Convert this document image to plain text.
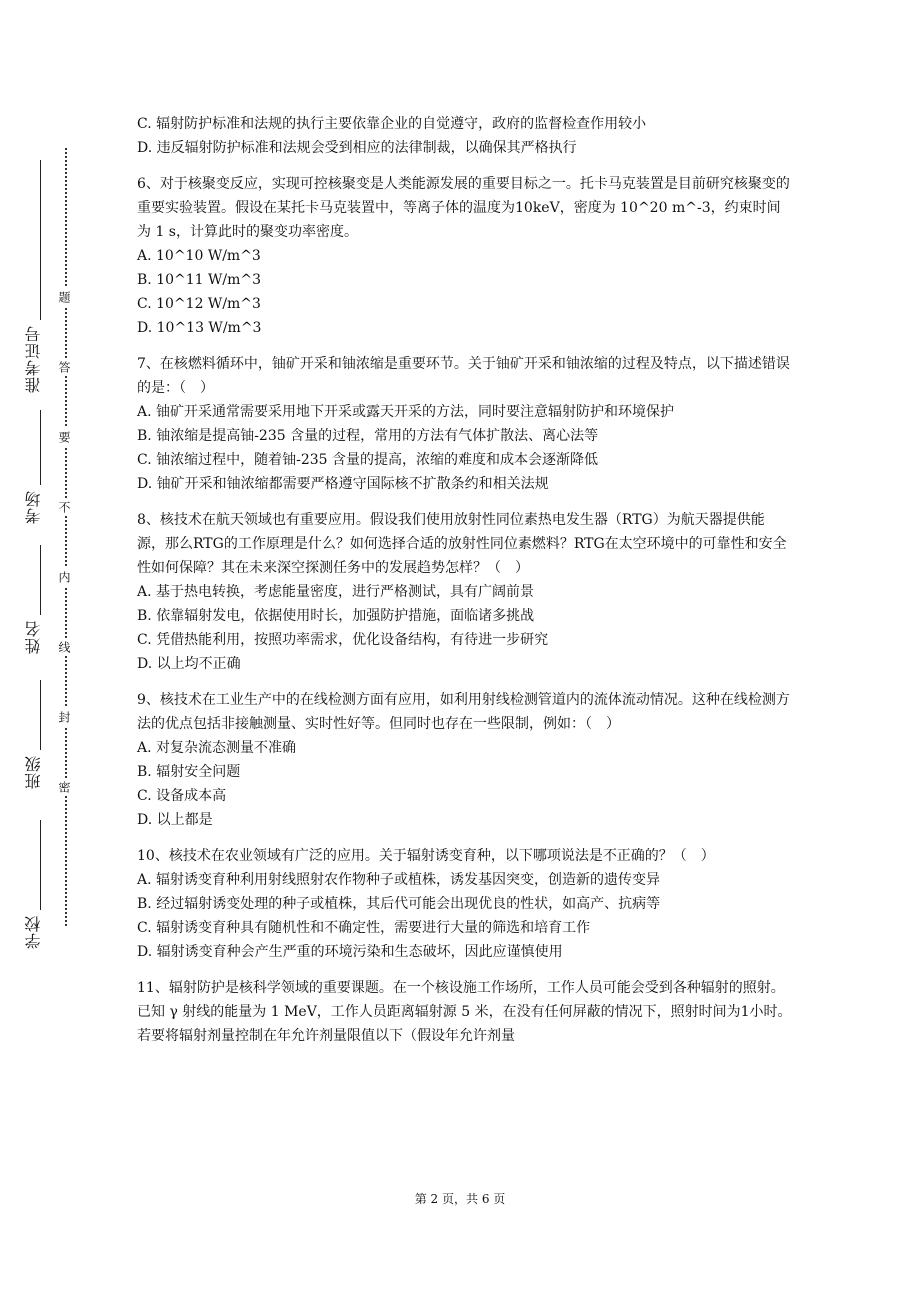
题
答
要
不
内
线
封
密
准考证号
考场
姓名
班级
学校

C. 辐射防护标准和法规的执行主要依靠企业的自觉遵守，政府的监督检查作用较小

D. 违反辐射防护标准和法规会受到相应的法律制裁，以确保其严格执行

6、对于核聚变反应，实现可控核聚变是人类能源发展的重要目标之一。托卡马克装置是目前研究核聚变的重要实验装置。假设在某托卡马克装置中，等离子体的温度为10keV，密度为 10^20 m^-3，约束时间为 1 s，计算此时的聚变功率密度。

A. 10^10 W/m^3

B. 10^11 W/m^3

C. 10^12 W/m^3

D. 10^13 W/m^3

7、在核燃料循环中，铀矿开采和铀浓缩是重要环节。关于铀矿开采和铀浓缩的过程及特点，以下描述错误的是：（　）

A. 铀矿开采通常需要采用地下开采或露天开采的方法，同时要注意辐射防护和环境保护

B. 铀浓缩是提高铀-235 含量的过程，常用的方法有气体扩散法、离心法等

C. 铀浓缩过程中，随着铀-235 含量的提高，浓缩的难度和成本会逐渐降低

D. 铀矿开采和铀浓缩都需要严格遵守国际核不扩散条约和相关法规

8、核技术在航天领域也有重要应用。假设我们使用放射性同位素热电发生器（RTG）为航天器提供能源，那么RTG的工作原理是什么？如何选择合适的放射性同位素燃料？RTG在太空环境中的可靠性和安全性如何保障？其在未来深空探测任务中的发展趋势怎样？（　）

A. 基于热电转换，考虑能量密度，进行严格测试，具有广阔前景

B. 依靠辐射发电，依据使用时长，加强防护措施，面临诸多挑战

C. 凭借热能利用，按照功率需求，优化设备结构，有待进一步研究

D. 以上均不正确

9、核技术在工业生产中的在线检测方面有应用，如利用射线检测管道内的流体流动情况。这种在线检测方法的优点包括非接触测量、实时性好等。但同时也存在一些限制，例如：（　）

A. 对复杂流态测量不准确

B. 辐射安全问题

C. 设备成本高

D. 以上都是

10、核技术在农业领域有广泛的应用。关于辐射诱变育种，以下哪项说法是不正确的？（　）

A. 辐射诱变育种利用射线照射农作物种子或植株，诱发基因突变，创造新的遗传变异

B. 经过辐射诱变处理的种子或植株，其后代可能会出现优良的性状，如高产、抗病等

C. 辐射诱变育种具有随机性和不确定性，需要进行大量的筛选和培育工作

D. 辐射诱变育种会产生严重的环境污染和生态破坏，因此应谨慎使用

11、辐射防护是核科学领域的重要课题。在一个核设施工作场所，工作人员可能会受到各种辐射的照射。已知 γ 射线的能量为 1 MeV，工作人员距离辐射源 5 米，在没有任何屏蔽的情况下，照射时间为1小时。若要将辐射剂量控制在年允许剂量限值以下（假设年允许剂量

第 2 页，共 6 页
